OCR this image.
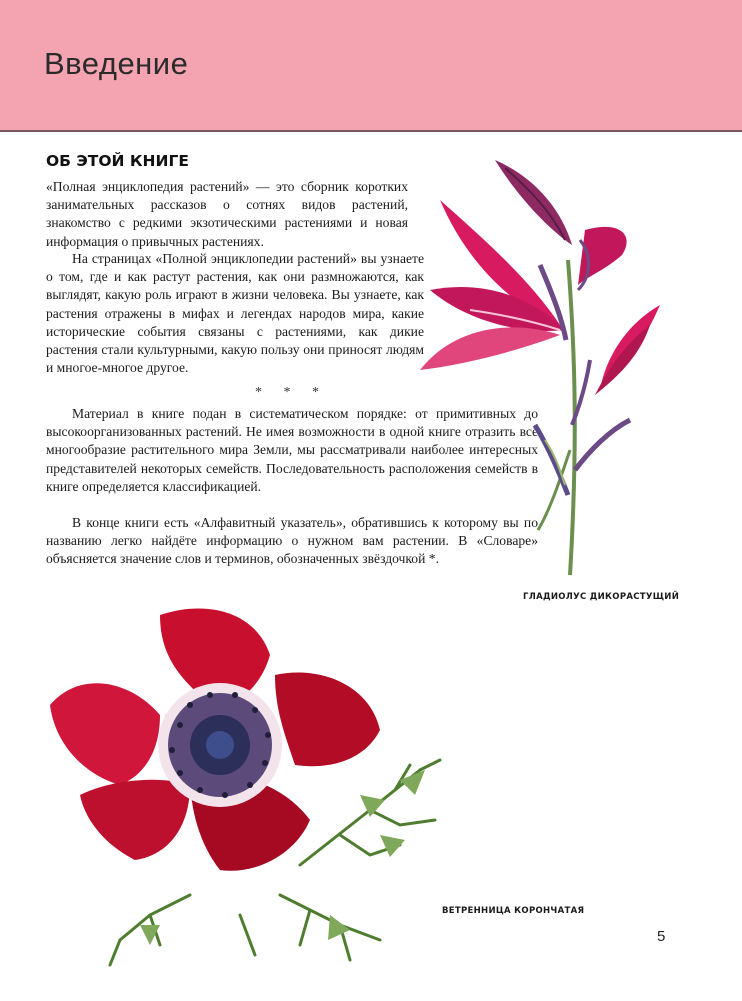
Введение
ОБ ЭТОЙ КНИГЕ

«Полная энциклопедия растений» — это сборник коротких занимательных рассказов о сотнях видов растений, знакомство с редкими экзотическими растениями и новая информация о привычных растениях.

На страницах «Полной энциклопедии растений» вы узнаете о том, где и как растут растения, как они размножаются, как выглядят, какую роль играют в жизни человека. Вы узнаете, как растения отражены в мифах и легендах народов мира, какие исторические события связаны с растениями, как дикие растения стали культурными, какую пользу они приносят людям и многое-многое другое.

* * *

Материал в книге подан в систематическом порядке: от примитивных до высокоорганизованных растений. Не имея возможности в одной книге отразить всё многообразие растительного мира Земли, мы рассматривали наиболее интересных представителей некоторых семейств. Последовательность расположения семейств в книге определяется классификацией.

В конце книги есть «Алфавитный указатель», обратившись к которому вы по названию легко найдёте информацию о нужном вам растении. В «Словаре» объясняется значение слов и терминов, обозначенных звёздочкой *.

ГЛАДИОЛУС ДИКОРАСТУЩИЙ
ВЕТРЕННИЦА КОРОНЧАТАЯ
5
